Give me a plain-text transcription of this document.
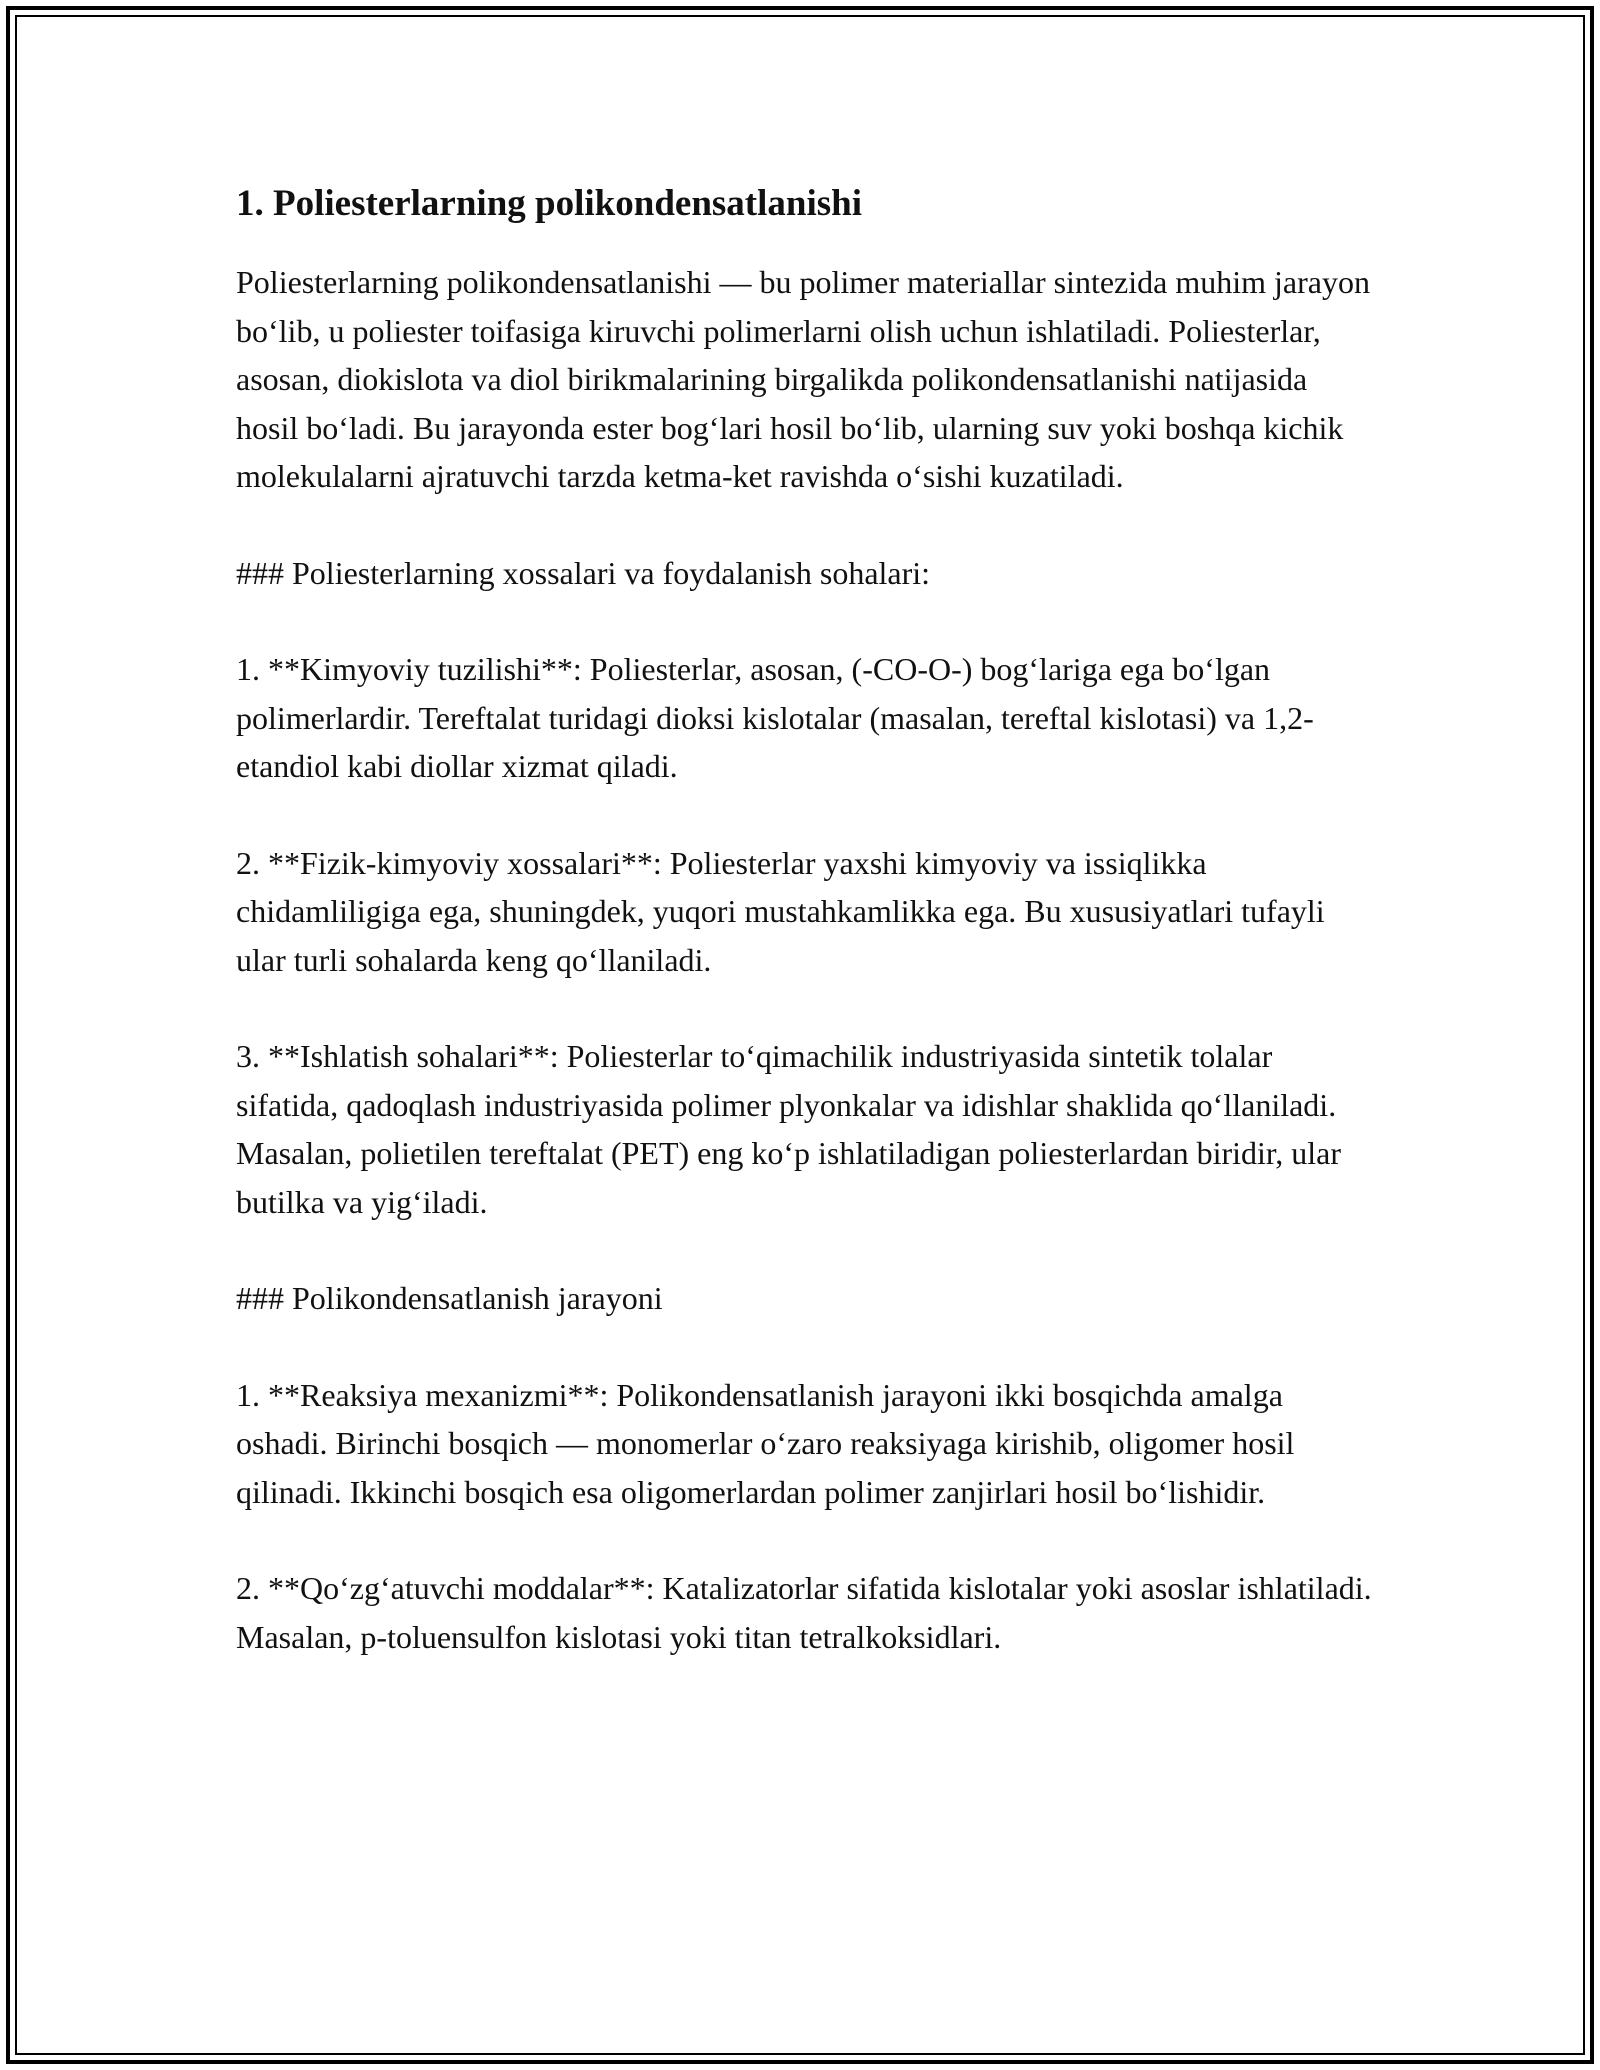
1. Poliesterlarning polikondensatlanishi

Poliesterlarning polikondensatlanishi — bu polimer materiallar sintezida muhim jarayon bo‘lib, u poliester toifasiga kiruvchi polimerlarni olish uchun ishlatiladi. Poliesterlar, asosan, diokislota va diol birikmalarining birgalikda polikondensatlanishi natijasida hosil bo‘ladi. Bu jarayonda ester bog‘lari hosil bo‘lib, ularning suv yoki boshqa kichik molekulalarni ajratuvchi tarzda ketma-ket ravishda o‘sishi kuzatiladi.

### Poliesterlarning xossalari va foydalanish sohalari:

1. **Kimyoviy tuzilishi**: Poliesterlar, asosan, (-CO-O-) bog‘lariga ega bo‘lgan polimerlardir. Tereftalat turidagi dioksi kislotalar (masalan, tereftal kislotasi) va 1,2-etandiol kabi diollar xizmat qiladi.

2. **Fizik-kimyoviy xossalari**: Poliesterlar yaxshi kimyoviy va issiqlikka chidamliligiga ega, shuningdek, yuqori mustahkamlikka ega. Bu xususiyatlari tufayli ular turli sohalarda keng qo‘llaniladi.

3. **Ishlatish sohalari**: Poliesterlar to‘qimachilik industriyasida sintetik tolalar sifatida, qadoqlash industriyasida polimer plyonkalar va idishlar shaklida qo‘llaniladi. Masalan, polietilen tereftalat (PET) eng ko‘p ishlatiladigan poliesterlardan biridir, ular butilka va yig‘iladi.

### Polikondensatlanish jarayoni

1. **Reaksiya mexanizmi**: Polikondensatlanish jarayoni ikki bosqichda amalga oshadi. Birinchi bosqich — monomerlar o‘zaro reaksiyaga kirishib, oligomer hosil qilinadi. Ikkinchi bosqich esa oligomerlardan polimer zanjirlari hosil bo‘lishidir.

2. **Qo‘zg‘atuvchi moddalar**: Katalizatorlar sifatida kislotalar yoki asoslar ishlatiladi. Masalan, p-toluensulfon kislotasi yoki titan tetralkoksidlari.
